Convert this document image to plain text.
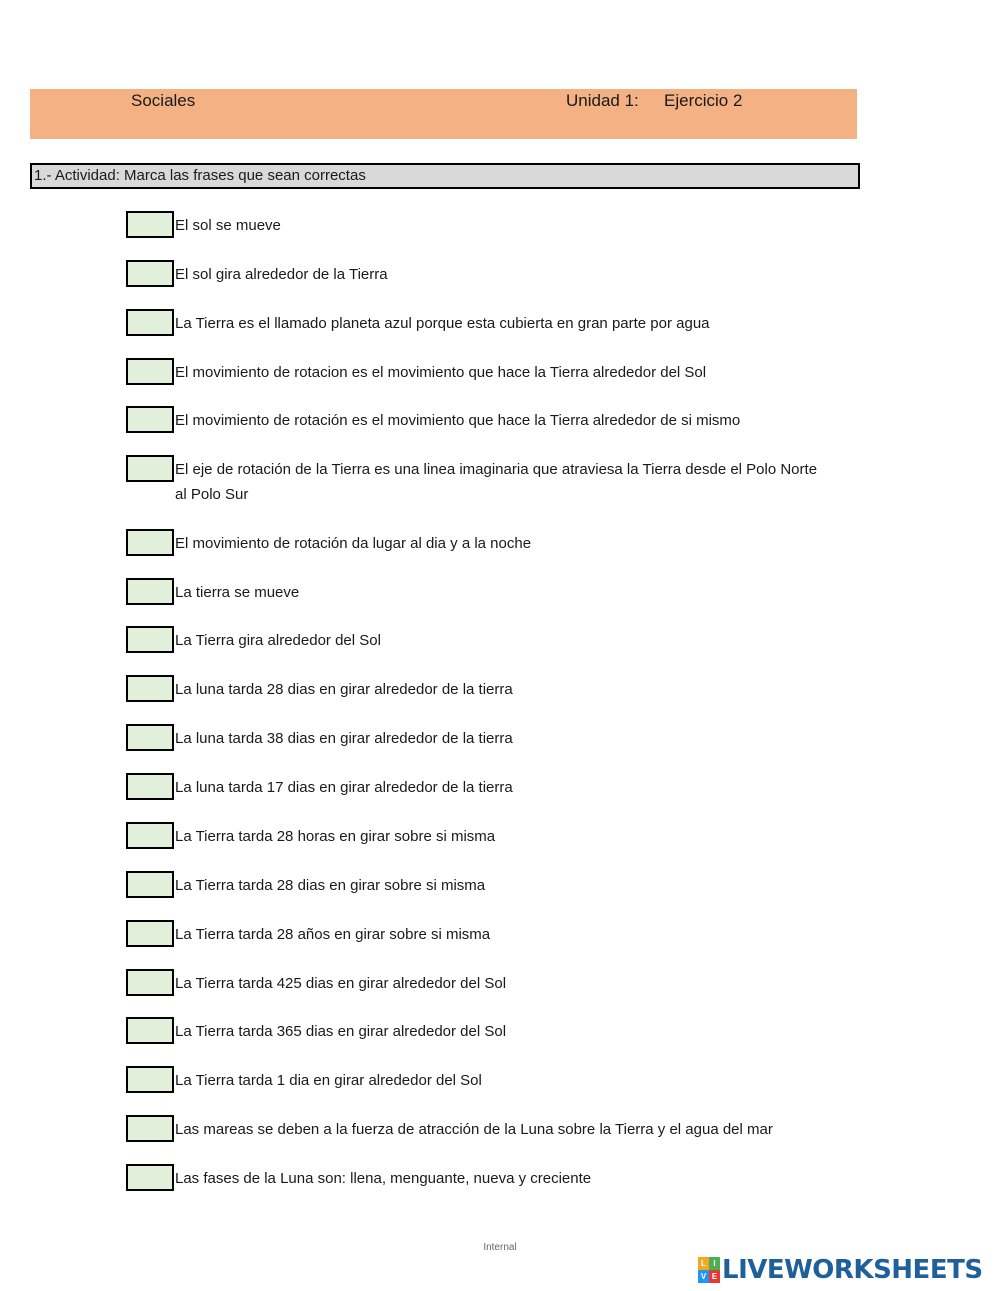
Sociales	Unidad 1: Ejercicio 2
1.- Actividad: Marca las frases que sean correctas
El sol se mueve
El sol gira alrededor de la Tierra
La Tierra es el llamado planeta azul porque esta cubierta en gran parte por agua
El movimiento de rotacion es el movimiento que hace la Tierra alrededor del Sol
El movimiento de rotación es el movimiento que hace la Tierra alrededor de si mismo
El eje de rotación de la Tierra es una linea imaginaria que atraviesa la Tierra desde el Polo Norte al Polo Sur
El movimiento de rotación da lugar al dia y a la noche
La tierra se mueve
La Tierra gira alrededor del Sol
La luna tarda 28 dias en girar alrededor de la tierra
La luna tarda 38 dias en girar alrededor de la tierra
La luna tarda 17 dias en girar alrededor de la tierra
La Tierra tarda 28 horas en girar sobre si misma
La Tierra tarda 28 dias en girar sobre si misma
La Tierra tarda 28 años en girar sobre si misma
La Tierra tarda 425 dias en girar alrededor del Sol
La Tierra tarda 365 dias en girar alrededor del Sol
La Tierra tarda 1 dia en girar alrededor del Sol
Las mareas se deben a la fuerza de atracción de la Luna sobre la Tierra y el agua del mar
Las fases de la Luna son: llena, menguante, nueva y creciente
Internal
L I
V E LIVEWORKSHEETS
